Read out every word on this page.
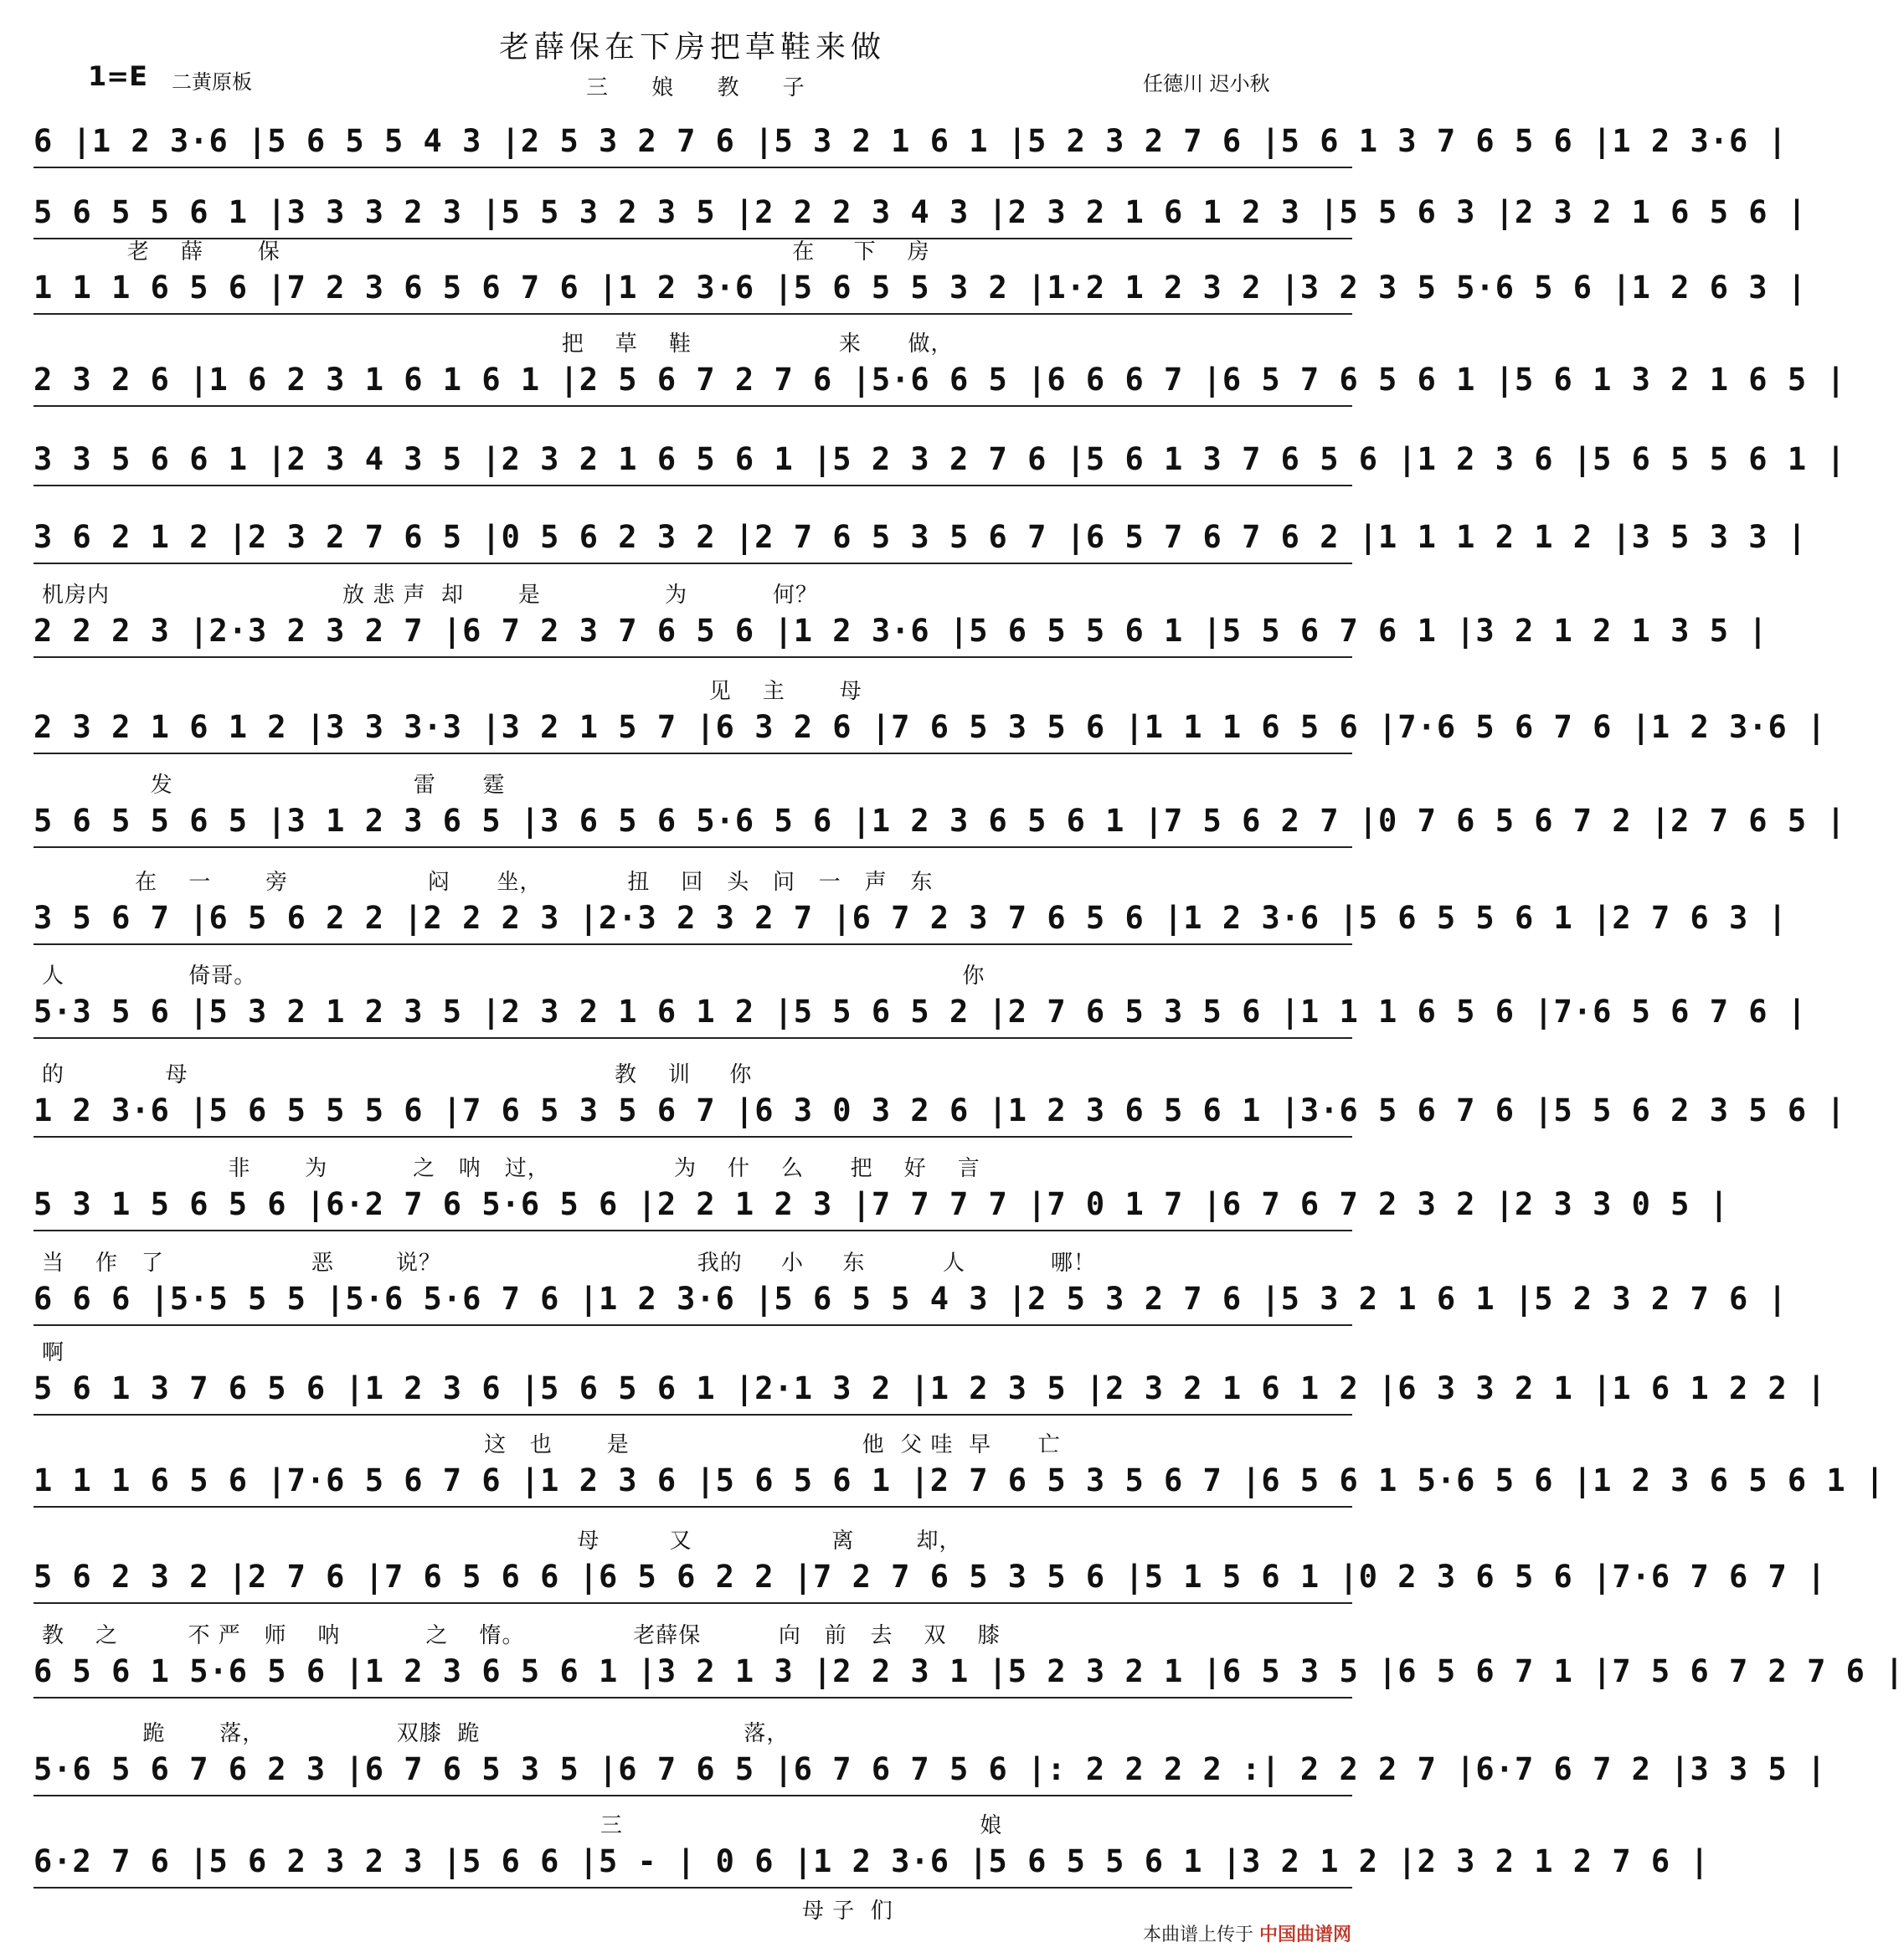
老薛保在下房把草鞋来做
1=E 二黄原板	三 娘 教 子	任德川 迟小秋
6 |1 2 3·6 |5 6 5 5 4 3 |2 5 3 2 7 6 |5 3 2 1 6 1 |5 2 3 2 7 6 |5 6 1 3 7 6 5 6 |1 2 3·6 |
5 6 5 5 6 1 |3 3 3 2 3 |5 5 3 2 3 5 |2 2 2 3 4 3 |2 3 2 1 6 1 2 3 |5 5 6 3 |2 3 2 1 6 5 6 |
老    薛       保                                                                  在     下    房
1 1 1 6 5 6 |7 2 3 6 5 6 7 6 |1 2 3·6 |5 6 5 5 3 2 |1·2 1 2 3 2 |3 2 3 5 5·6 5 6 |1 2 6 3 |
把    草    鞋                   来      做，
2 3 2 6 |1 6 2 3 1 6 1 6 1 |2 5 6 7 2 7 6 |5·6 6 5 |6 6 6 7 |6 5 7 6 5 6 1 |5 6 1 3 2 1 6 5 |
3 3 5 6 6 1 |2 3 4 3 5 |2 3 2 1 6 5 6 1 |5 2 3 2 7 6 |5 6 1 3 7 6 5 6 |1 2 3 6 |5 6 5 5 6 1 |
3 6 2 1 2 |2 3 2 7 6 5 |0 5 6 2 3 2 |2 7 6 5 3 5 6 7 |6 5 7 6 7 6 2 |1 1 1 2 1 2 |3 5 3 3 |
机房内                              放 悲 声  却       是                为           何？
2 2 2 3 |2·3 2 3 2 7 |6 7 2 3 7 6 5 6 |1 2 3·6 |5 6 5 5 6 1 |5 5 6 7 6 1 |3 2 1 2 1 3 5 |
见    主       母
2 3 2 1 6 1 2 |3 3 3·3 |3 2 1 5 7 |6 3 2 6 |7 6 5 3 5 6 |1 1 1 6 5 6 |7·6 5 6 7 6 |1 2 3·6 |
发                               雷      霆
5 6 5 5 6 5 |3 1 2 3 6 5 |3 6 5 6 5·6 5 6 |1 2 3 6 5 6 1 |7 5 6 2 7 |0 7 6 5 6 7 2 |2 7 6 5 |
在    一       旁                  闷      坐，           扭    回   头   问   一   声   东
3 5 6 7 |6 5 6 2 2 |2 2 2 3 |2·3 2 3 2 7 |6 7 2 3 7 6 5 6 |1 2 3·6 |5 6 5 5 6 1 |2 7 6 3 |
人                倚哥。                                                                                           你
5·3 5 6 |5 3 2 1 2 3 5 |2 3 2 1 6 1 2 |5 5 6 5 2 |2 7 6 5 3 5 6 |1 1 1 6 5 6 |7·6 5 6 7 6 |
的             母                                                       教    训     你
1 2 3·6 |5 6 5 5 5 6 |7 6 5 3 5 6 7 |6 3 0 3 2 6 |1 2 3 6 5 6 1 |3·6 5 6 7 6 |5 5 6 2 3 5 6 |
非       为           之   呐   过，                为    什    么      把    好    言
5 3 1 5 6 5 6 |6·2 7 6 5·6 5 6 |2 2 1 2 3 |7 7 7 7 |7 0 1 7 |6 7 6 7 2 3 2 |2 3 3 0 5 |
当    作   了                   恶        说？                                 我的     小     东          人           哪！
6 6 6 |5·5 5 5 |5·6 5·6 7 6 |1 2 3·6 |5 6 5 5 4 3 |2 5 3 2 7 6 |5 3 2 1 6 1 |5 2 3 2 7 6 |
啊
5 6 1 3 7 6 5 6 |1 2 3 6 |5 6 5 6 1 |2·1 3 2 |1 2 3 5 |2 3 2 1 6 1 2 |6 3 3 2 1 |1 6 1 2 2 |
这   也       是                              他  父 哇  早      亡
1 1 1 6 5 6 |7·6 5 6 7 6 |1 2 3 6 |5 6 5 6 1 |2 7 6 5 3 5 6 7 |6 5 6 1 5·6 5 6 |1 2 3 6 5 6 1 |
母         又                  离        却，
5 6 2 3 2 |2 7 6 |7 6 5 6 6 |6 5 6 2 2 |7 2 7 6 5 3 5 6 |5 1 5 6 1 |0 2 3 6 5 6 |7·6 7 6 7 |
教    之         不 严   师    呐           之    惰。              老薛保          向   前   去    双    膝
6 5 6 1 5·6 5 6 |1 2 3 6 5 6 1 |3 2 1 3 |2 2 3 1 |5 2 3 2 1 |6 5 3 5 |6 5 6 7 1 |7 5 6 7 2 7 6 |
跪       落，                 双膝  跪                                  落，
5·6 5 6 7 6 2 3 |6 7 6 5 3 5 |6 7 6 5 |6 7 6 7 5 6 |: 2 2 2 2 :| 2 2 2 7 |6·7 6 7 2 |3 3 5 |
三                                              娘
6·2 7 6 |5 6 2 3 2 3 |5 6 6 |5 - | 0 6 |1 2 3·6 |5 6 5 5 6 1 |3 2 1 2 |2 3 2 1 2 7 6 |
母 子  们
本曲谱上传于 中国曲谱网
